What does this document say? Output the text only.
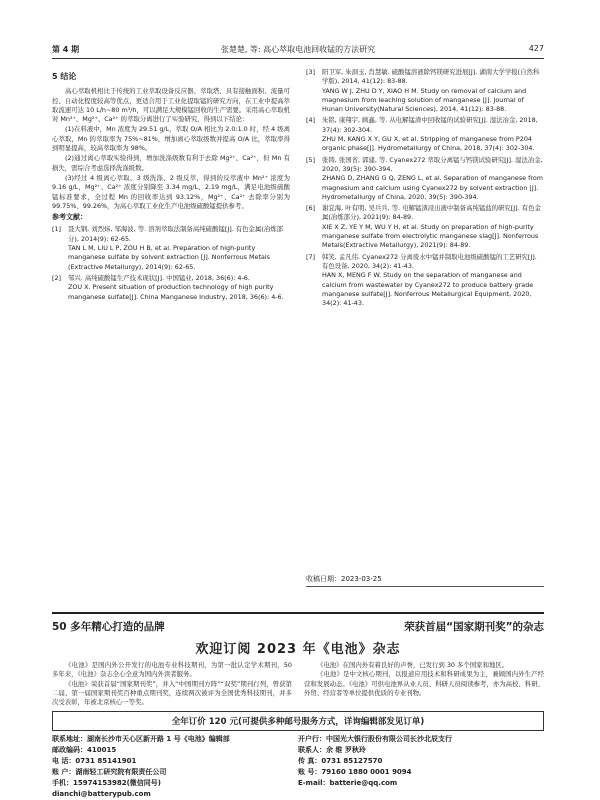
第 4 期	张楚楚, 等: 高心萃取电池回收锰的方法研究	427
5 结论

高心萃取机相比于传统的工业萃取设备反应器、萃取塔、具有接触面积、流量可控、自动化程度较高等优点，更适合用于工业化提取锰的研究方向，在工业中提高萃取流速可达 10 L/h~80 m³/h，可以满足大规模锰回收的生产需要。采用高心萃取机对 Mn²⁺、Mg²⁺、Ca²⁺ 的萃取分离进行了实验研究，得到以下结论：

(1)在料液中，Mn 浓度为 29.51 g/L，萃取 O/A 相比为 2.0:1.0 时，经 4 级离心萃取，Mn 的萃取率为 75%~81%，增加离心萃取级数并提高 O/A 比，萃取率得到明显提高，较高萃取率为 98%。

(2)通过离心萃取实验得到，增加洗涤级数有利于去除 Mg²⁺、Ca²⁺，但 Mn 有损失，需综合考虑选择洗涤级数。

(3)经过 4 级离心萃取、3 级洗涤、2 级反萃，得到的反萃液中 Mn²⁺ 浓度为 9.16 g/L，Mg²⁺、Ca²⁺ 浓度分别降至 3.34 mg/L、2.19 mg/L，满足电池级硫酸锰标准要求，全过程 Mn 的回收率达到 93.12%，Mg²⁺、Ca²⁺ 去除率分别为 99.75%、99.26%，为高心萃取工业化生产电池级硫酸锰提供参考。

参考文献：
[1]	聂大钢, 刘烈炜, 邹海波, 等. 溶剂萃取法制备高纯硫酸锰[J]. 有色金属(冶炼部分), 2014(9): 62-65.
TAN L M, LIU L P, ZOU H B, et al. Preparation of high-purity manganese sulfate by solvent extraction [J]. Nonferrous Metals (Extractive Metallurgy), 2014(9): 62-65.
[2]	邹兴. 高纯硫酸锰生产技术现状[J]. 中国锰业, 2018, 36(6): 4-6.
ZOU X. Present situation of production technology of high purity manganese sulfate[J]. China Manganese Industry, 2018, 36(6): 4-6.
[3]	阳卫军, 朱洞玉, 肖慧敏. 硫酸锰溶液除钙镁研究进展[J]. 湖南大学学报(自然科学版), 2014, 41(12): 83-88.
YANG W J, ZHU D Y, XIAO H M. Study on removal of calcium and magnesium from leaching solution of manganese [J]. Journal of Hunan University(Natural Sciences), 2014, 41(12): 83-88.
[4]	朱铭, 康翔宇, 顾鑫, 等. 从电解锰渣中回收锰的试验研究[J]. 湿法冶金, 2018, 37(4): 302-304.
ZHU M, KANG X Y, GU X, et al. Stripping of manganese from P204 organic phase[J]. Hydrometallurgy of China, 2018, 37(4): 302-304.
[5]	张铸, 张国省, 郭建, 等. Cyanex272 萃取分离锰与钙镁试验研究[J]. 湿法冶金, 2020, 39(5): 390-394.
ZHANG D, ZHANG G Q, ZENG L, et al. Separation of manganese from magnesium and calcium using Cyanex272 by solvent extraction [J]. Hydrometallurgy of China, 2020, 39(5): 390-394.
[6]	谢宜海, 叶有明, 吴兵兵, 等. 电解锰渣浸出液中制备高纯锰盐的研究[J]. 有色金属(冶炼部分), 2021(9): 84-89.
XIE X Z, YE Y M, WU Y H, et al. Study on preparation of high-purity manganese sulfate from electrolytic manganese slag[J]. Nonferrous Metals(Extractive Metallurgy), 2021(9): 84-89.
[7]	韩笑, 孟凡伟. Cyanex272 分离废水中锰并制取电池级硫酸锰的工艺研究[J]. 有色设备, 2020, 34(2): 41-43.
HAN X, MENG F W. Study on the separation of manganese and calcium from wastewater by Cyanex272 to produce battery grade manganese sulfate[J]. Nonferrous Metallurgical Equipment, 2020, 34(2): 41-43.
收稿日期：2023-03-25
50 多年精心打造的品牌	荣获首届“国家期刊奖”的杂志
欢迎订阅 2023 年《电池》杂志

《电池》是国内外公开发行的电池专业科技期刊，为第一批认定学术期刊，50 多年来，《电池》杂志全心全意为国内外读者服务。

《电池》荣获首届“国家期刊奖”，并入“中国期刊方阵”“双奖”期刊行列，曾获第二届、第一届国家期刊奖百种重点期刊奖，连续两次被评为全国优秀科技期刊，并多次受表彰，年被北京核心一等奖。

《电池》在国内外有着良好的声誉，已发行到 30 多个国家和地区。

《电池》是中文核心期刊，以报道应用技术和科研成果为主，兼顾国内外生产经营和发展动态。《电池》可供电池界从业人员、科研人员阅读参考，亦为高校、科研、外贸、经营者等单位提供优质的专业刊物。

全年订价 120 元(可提供多种邮号服务方式，详询编辑部发见订单)
联系地址：湖南长沙市天心区新开路 1 号《电池》编辑部	开户行：中国光大银行股份有限公司长沙北辰支行
邮政编码：410015	联系人：余 维 罗秋玲
电 话：0731 85141901	传 真：0731 85127570
账 户：湖南轻工研究院有限责任公司	账 号：79160 1880 0001 9094
手机：15974153982(微信同号)	E-mail：batterie@qq.com
dianchi@batterypub.com
